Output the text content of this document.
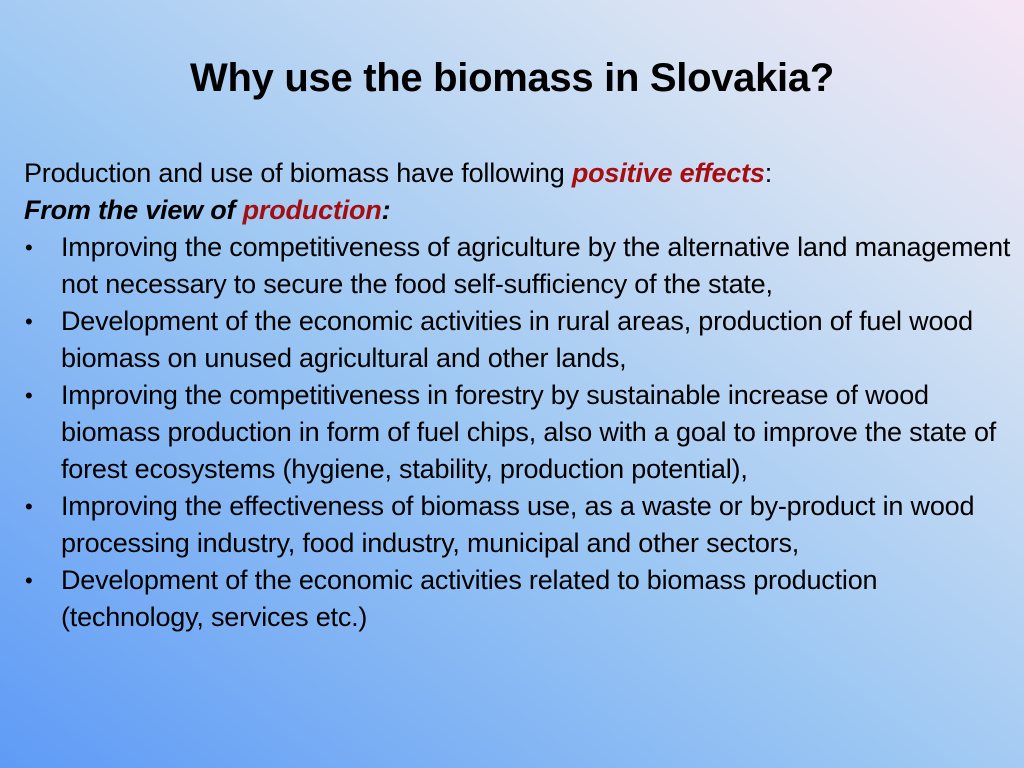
Why use the biomass in Slovakia?
Production and use of biomass have following positive effects:
From the view of production:
• Improving the competitiveness of agriculture by the alternative land management not necessary to secure the food self-sufficiency of the state,
• Development of the economic activities in rural areas, production of fuel wood biomass on unused agricultural and other lands,
• Improving the competitiveness in forestry by sustainable increase of wood biomass production in form of fuel chips, also with a goal to improve the state of forest ecosystems (hygiene, stability, production potential),
• Improving the effectiveness of biomass use, as a waste or by-product in wood processing industry, food industry, municipal and other sectors,
• Development of the economic activities related to biomass production (technology, services etc.)
